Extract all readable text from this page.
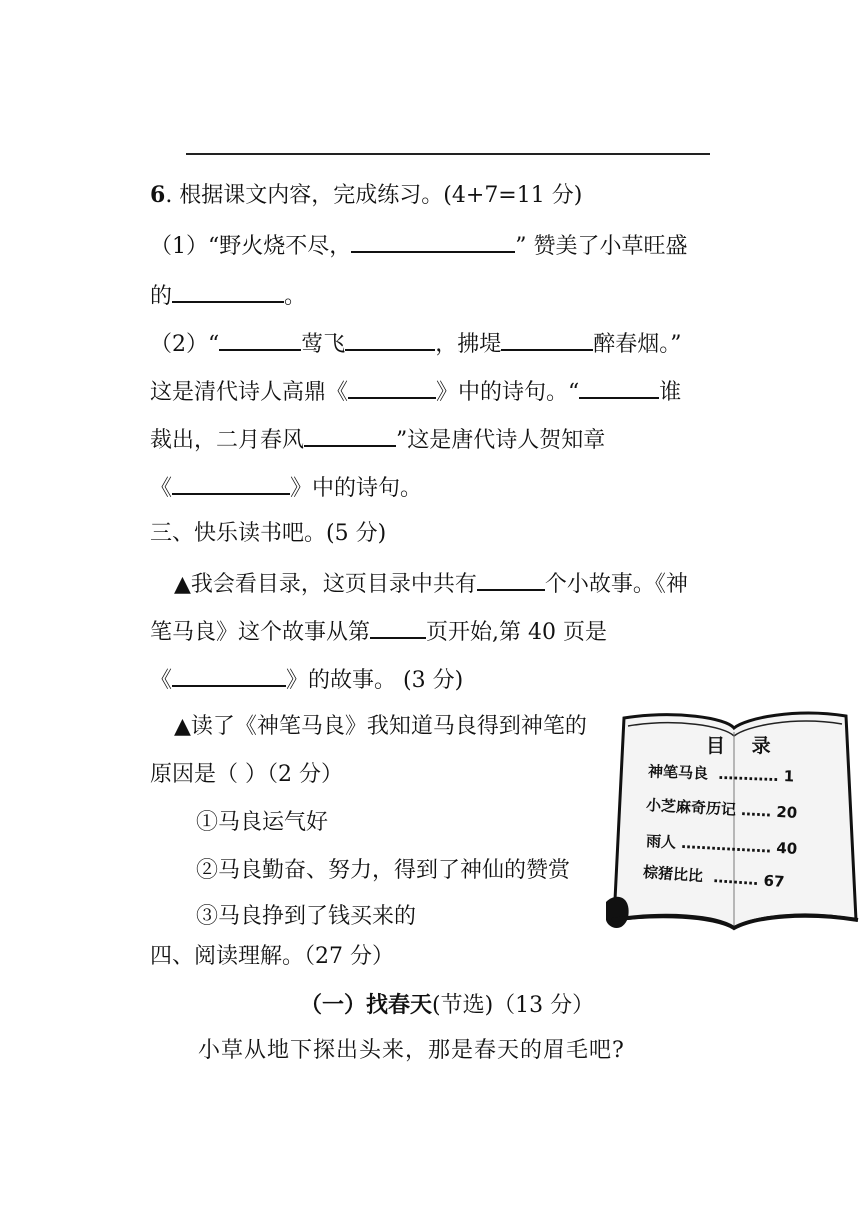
6. 根据课文内容，完成练习。(4+7=11 分)
（1）“野火烧不尽，	” 赞美了小草旺盛
的	。
（2）“	莺飞	，拂堤	醉春烟。”
这是清代诗人高鼎《	》中的诗句。“	谁
裁出，二月春风	”这是唐代诗人贺知章
《	》中的诗句。
三、快乐读书吧。(5 分)
▲我会看目录，这页目录中共有	个小故事。《神
笔马良》这个故事从第	页开始,第 40 页是
《	》的故事。 (3 分)
▲读了《神笔马良》我知道马良得到神笔的
原因是（ ）（2 分）
①马良运气好
②马良勤奋、努力，得到了神仙的赞赏
③马良挣到了钱买来的
目 录
神笔马良 ………… 1
小芝麻奇历记 …… 20
雨人 ……………… 40
棕猪比比 ……… 67
四、阅读理解。（27 分）
（一）找春天(节选)（13 分）
小草从地下探出头来，那是春天的眉毛吧?
